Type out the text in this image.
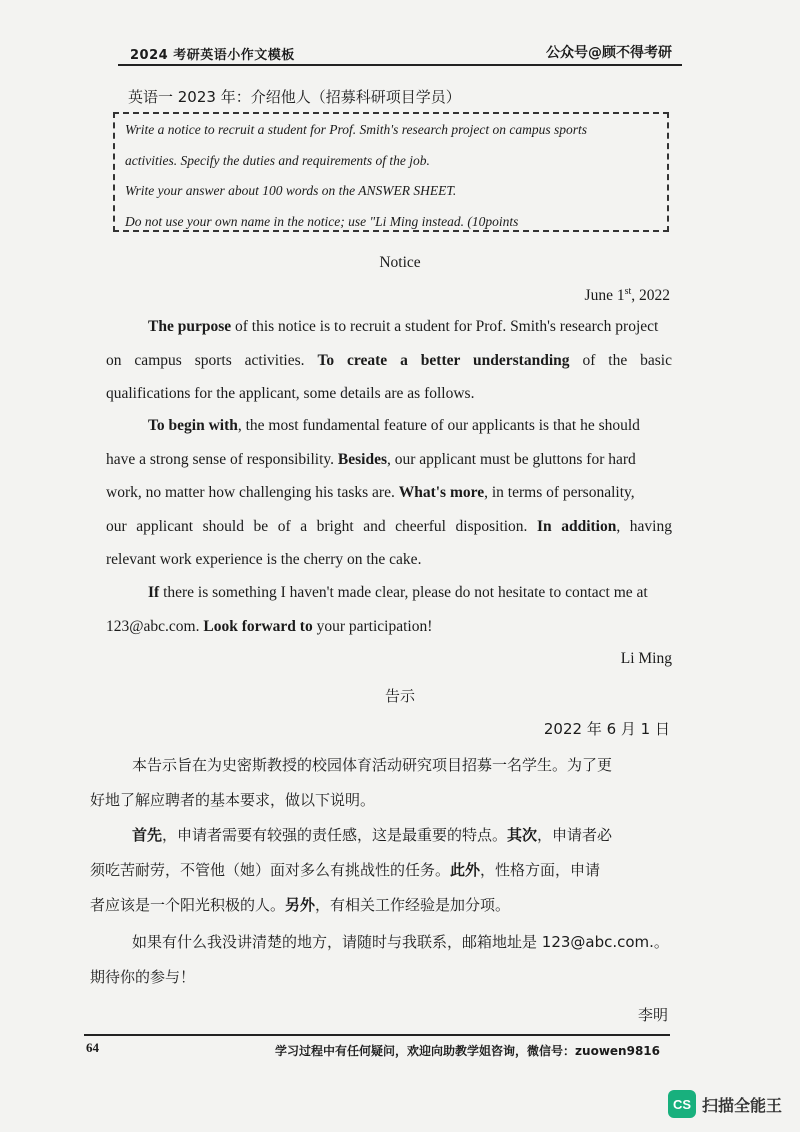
2024 考研英语小作文模板	公众号@顾不得考研
英语一 2023 年：介绍他人（招募科研项目学员）
Write a notice to recruit a student for Prof. Smith's research project on campus sports
activities. Specify the duties and requirements of the job.
Write your answer about 100 words on the ANSWER SHEET.
Do not use your own name in the notice; use "Li Ming instead. (10points
Notice
June 1st, 2022
The purpose of this notice is to recruit a student for Prof. Smith's research project
on campus sports activities. To create a better understanding of the basic
qualifications for the applicant, some details are as follows.
To begin with, the most fundamental feature of our applicants is that he should
have a strong sense of responsibility. Besides, our applicant must be gluttons for hard
work, no matter how challenging his tasks are. What's more, in terms of personality,
our applicant should be of a bright and cheerful disposition. In addition, having
relevant work experience is the cherry on the cake.
If there is something I haven't made clear, please do not hesitate to contact me at
123@abc.com. Look forward to your participation!
Li Ming
告示
2022 年 6 月 1 日
本告示旨在为史密斯教授的校园体育活动研究项目招募一名学生。为了更
好地了解应聘者的基本要求，做以下说明。
首先，申请者需要有较强的责任感，这是最重要的特点。其次，申请者必
须吃苦耐劳，不管他（她）面对多么有挑战性的任务。此外，性格方面，申请
者应该是一个阳光积极的人。另外，有相关工作经验是加分项。
如果有什么我没讲清楚的地方，请随时与我联系，邮箱地址是 123@abc.com.。
期待你的参与！
李明
64	学习过程中有任何疑问，欢迎向助教学姐咨询，微信号：zuowen9816
CS 扫描全能王
